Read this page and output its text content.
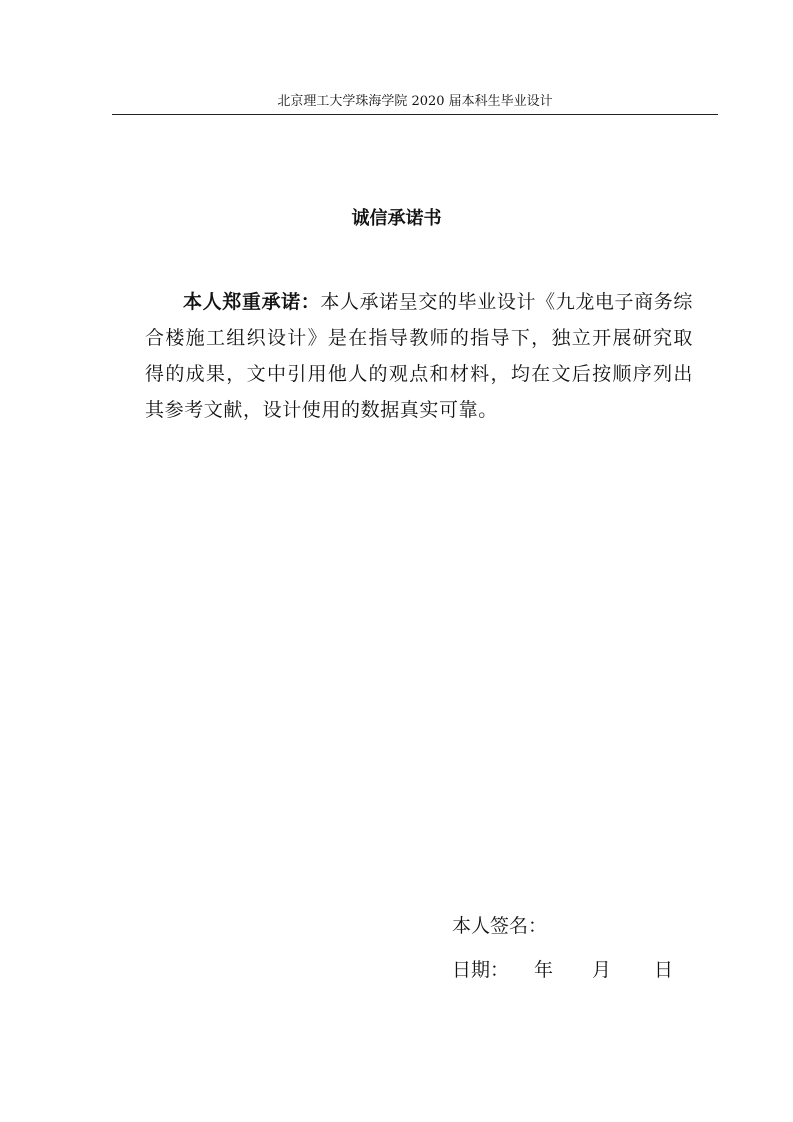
北京理工大学珠海学院 2020 届本科生毕业设计
诚信承诺书
本人郑重承诺：本人承诺呈交的毕业设计《九龙电子商务综合楼施工组织设计》是在指导教师的指导下，独立开展研究取得的成果，文中引用他人的观点和材料，均在文后按顺序列出其参考文献，设计使用的数据真实可靠。
本人签名：
日期： 年 月 日
